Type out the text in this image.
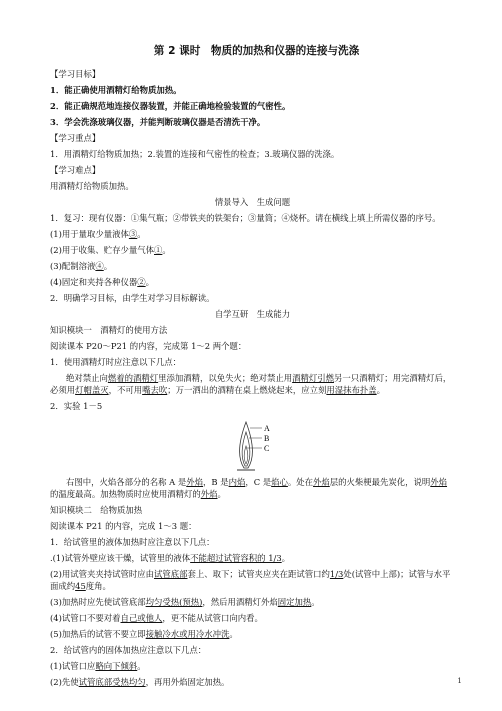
第 2 课时　物质的加热和仪器的连接与洗涤
【学习目标】
1．能正确使用酒精灯给物质加热。
2．能正确规范地连接仪器装置，并能正确地检验装置的气密性。
3．学会洗涤玻璃仪器，并能判断玻璃仪器是否清洗干净。
【学习重点】
1．用酒精灯给物质加热；2.装置的连接和气密性的检查；3.玻璃仪器的洗涤。
【学习难点】
用酒精灯给物质加热。
情景导入　生成问题
1．复习：现有仪器：①集气瓶；②带铁夹的铁架台；③量筒；④烧杯。请在横线上填上所需仪器的序号。
(1)用于量取少量液体③。
(2)用于收集、贮存少量气体①。
(3)配制溶液④。
(4)固定和夹持各种仪器②。
2．明确学习目标，由学生对学习目标解读。
自学互研　生成能力
知识模块一　酒精灯的使用方法
阅读课本 P20～P21 的内容，完成第 1～2 两个题：
1．使用酒精灯时应注意以下几点：
绝对禁止向燃着的酒精灯里添加酒精，以免失火；绝对禁止用酒精灯引燃另一只酒精灯；用完酒精灯后，必须用灯帽盖灭，不可用嘴去吹；万一洒出的酒精在桌上燃烧起来，应立刻用湿抹布扑盖。
2．实验 1－5
A
B
C
右图中，火焰各部分的名称 A 是外焰，B 是内焰，C 是焰心。处在外焰层的火柴梗最先炭化，说明外焰的温度最高。加热物质时应使用酒精灯的外焰。
知识模块二　给物质加热
阅读课本 P21 的内容，完成 1～3 题：
1．给试管里的液体加热时应注意以下几点：
.(1)试管外壁应该干燥，试管里的液体不能超过试管容积的 1/3。
(2)用试管夹夹持试管时应由试管底部套上、取下；试管夹应夹在距试管口约1/3处(试管中上部)；试管与水平面成约45度角。
(3)加热时应先使试管底部均匀受热(预热)，然后用酒精灯外焰固定加热。
(4)试管口不要对着自己或他人，更不能从试管口向内看。
(5)加热后的试管不要立即接触冷水或用冷水冲洗。
2．给试管内的固体加热应注意以下几点：
(1)试管口应略向下倾斜。
(2)先使试管底部受热均匀，再用外焰固定加热。	1
